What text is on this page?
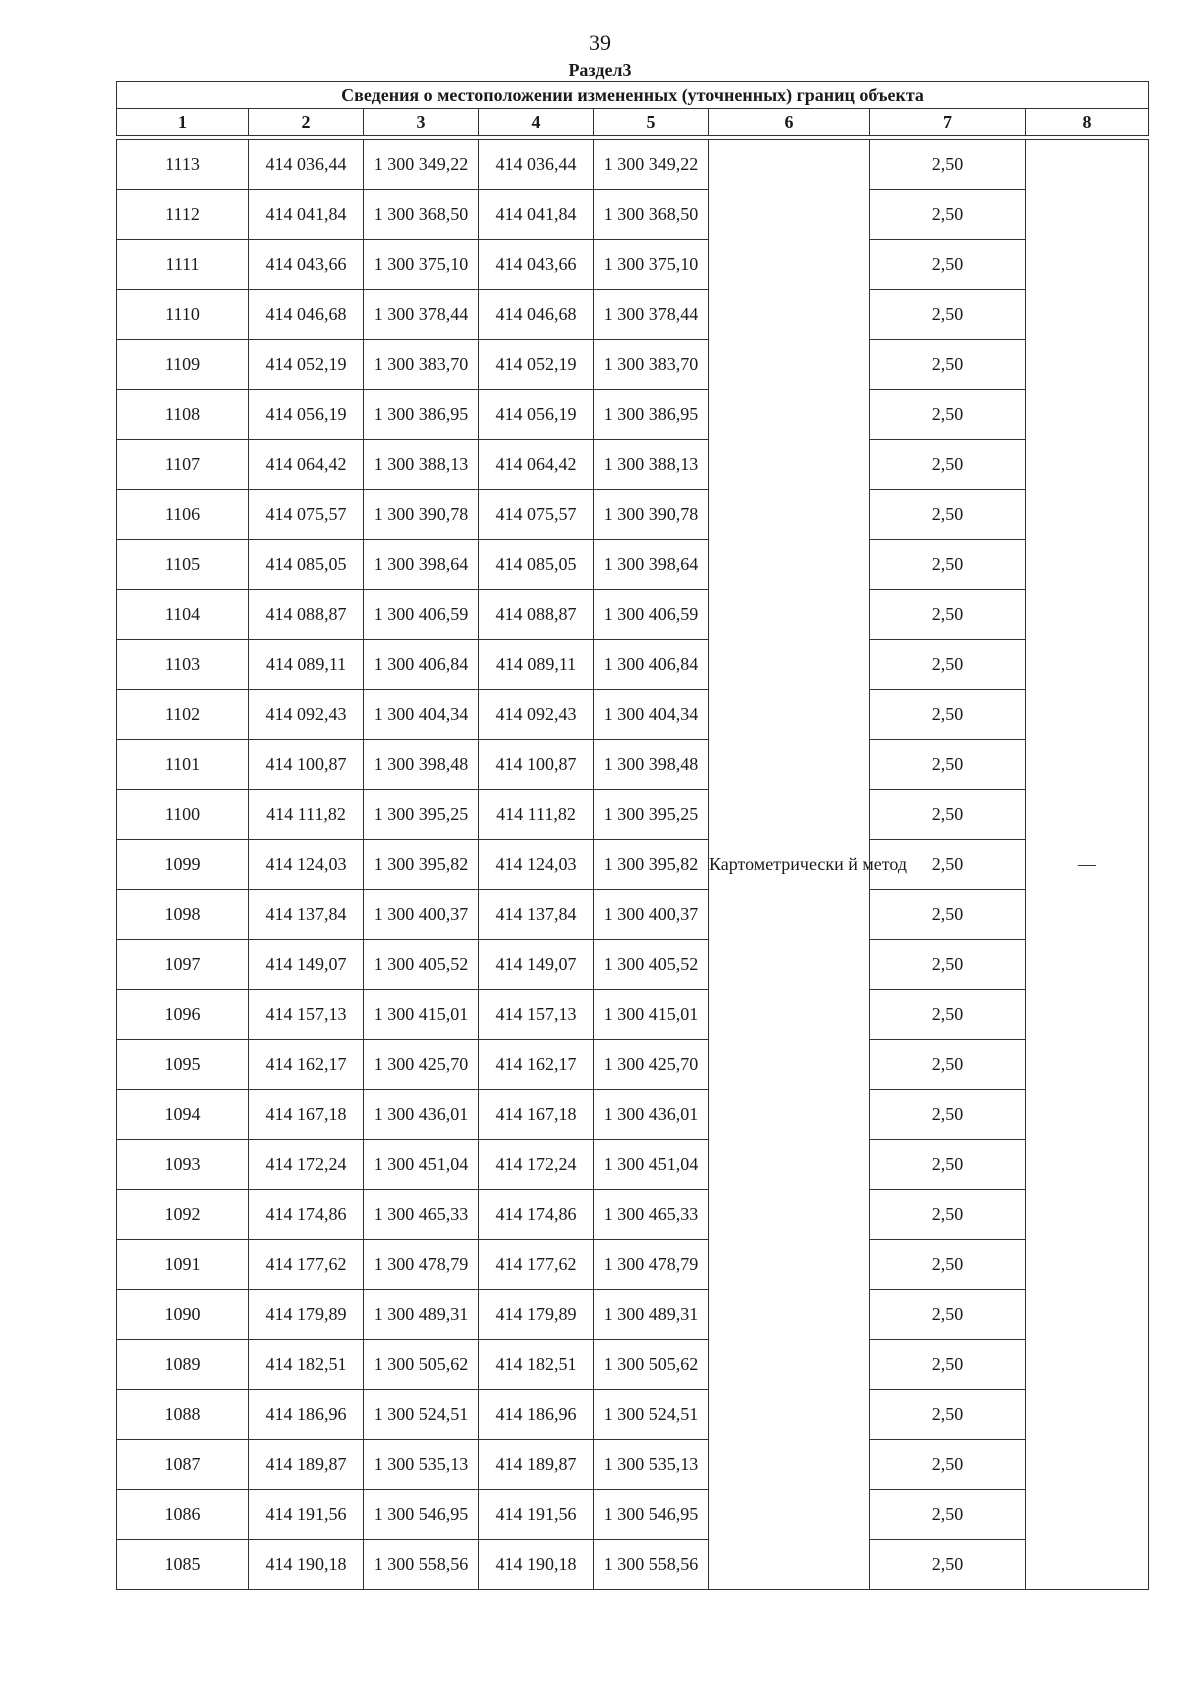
39
Раздел3
Сведения о местоположении измененных (уточненных) границ объекта							
1	2	3	4	5	6	7	8

1113	414 036,44	1 300 349,22	414 036,44	1 300 349,22	Картометрически й метод	2,50	—
1112	414 041,84	1 300 368,50	414 041,84	1 300 368,50		2,50	
1111	414 043,66	1 300 375,10	414 043,66	1 300 375,10		2,50	
1110	414 046,68	1 300 378,44	414 046,68	1 300 378,44		2,50	
1109	414 052,19	1 300 383,70	414 052,19	1 300 383,70		2,50	
1108	414 056,19	1 300 386,95	414 056,19	1 300 386,95		2,50	
1107	414 064,42	1 300 388,13	414 064,42	1 300 388,13		2,50	
1106	414 075,57	1 300 390,78	414 075,57	1 300 390,78		2,50	
1105	414 085,05	1 300 398,64	414 085,05	1 300 398,64		2,50	
1104	414 088,87	1 300 406,59	414 088,87	1 300 406,59		2,50	
1103	414 089,11	1 300 406,84	414 089,11	1 300 406,84		2,50	
1102	414 092,43	1 300 404,34	414 092,43	1 300 404,34		2,50	
1101	414 100,87	1 300 398,48	414 100,87	1 300 398,48		2,50	
1100	414 111,82	1 300 395,25	414 111,82	1 300 395,25		2,50	
1099	414 124,03	1 300 395,82	414 124,03	1 300 395,82		2,50	
1098	414 137,84	1 300 400,37	414 137,84	1 300 400,37		2,50	
1097	414 149,07	1 300 405,52	414 149,07	1 300 405,52		2,50	
1096	414 157,13	1 300 415,01	414 157,13	1 300 415,01		2,50	
1095	414 162,17	1 300 425,70	414 162,17	1 300 425,70		2,50	
1094	414 167,18	1 300 436,01	414 167,18	1 300 436,01		2,50	
1093	414 172,24	1 300 451,04	414 172,24	1 300 451,04		2,50	
1092	414 174,86	1 300 465,33	414 174,86	1 300 465,33		2,50	
1091	414 177,62	1 300 478,79	414 177,62	1 300 478,79		2,50	
1090	414 179,89	1 300 489,31	414 179,89	1 300 489,31		2,50	
1089	414 182,51	1 300 505,62	414 182,51	1 300 505,62		2,50	
1088	414 186,96	1 300 524,51	414 186,96	1 300 524,51		2,50	
1087	414 189,87	1 300 535,13	414 189,87	1 300 535,13		2,50	
1086	414 191,56	1 300 546,95	414 191,56	1 300 546,95		2,50	
1085	414 190,18	1 300 558,56	414 190,18	1 300 558,56		2,50	
